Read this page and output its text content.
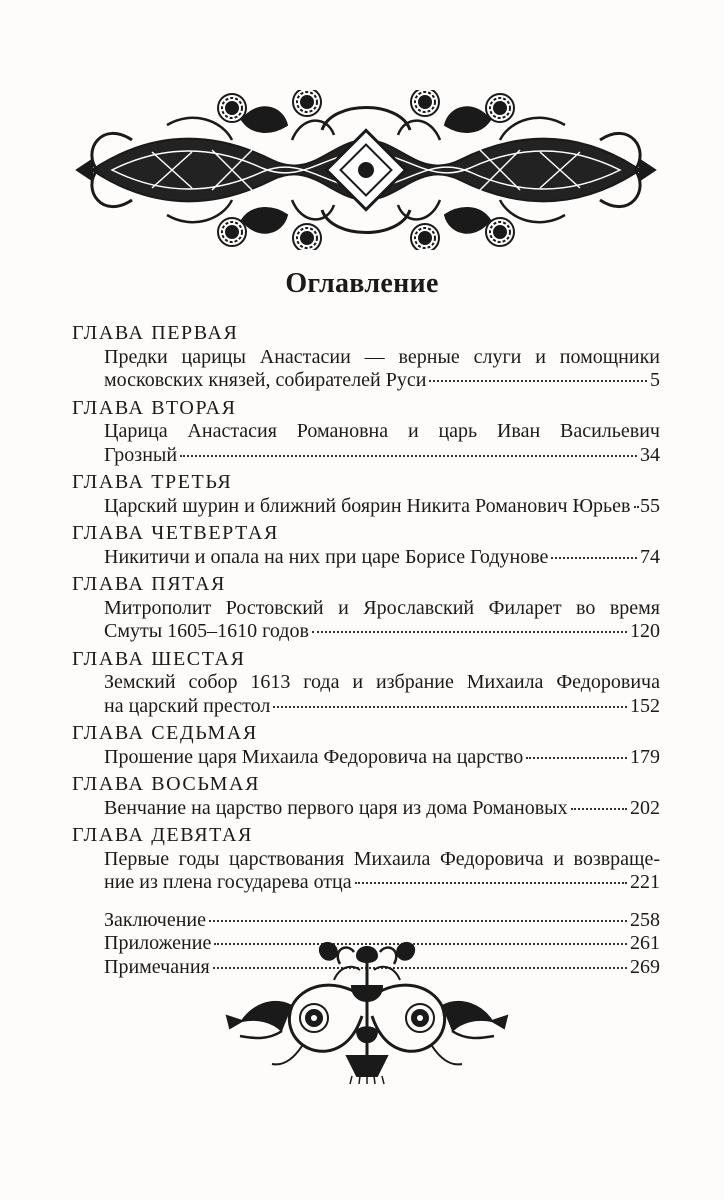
Оглавление

ГЛАВА ПЕРВАЯ

Предки царицы Анастасии — верные слуги и помощники
московских князей, собирателей Руси	5

ГЛАВА ВТОРАЯ

Царица Анастасия Романовна и царь Иван Васильевич
Грозный	34

ГЛАВА ТРЕТЬЯ

Царский шурин и ближний боярин Никита Романович Юрьев 55

ГЛАВА ЧЕТВЕРТАЯ

Никитичи и опала на них при царе Борисе Годунове	74

ГЛАВА ПЯТАЯ

Митрополит Ростовский и Ярославский Филарет во время
Смуты 1605–1610 годов	120

ГЛАВА ШЕСТАЯ

Земский собор 1613 года и избрание Михаила Федоровича
на царский престол	152

ГЛАВА СЕДЬМАЯ

Прошение царя Михаила Федоровича на царство	179

ГЛАВА ВОСЬМАЯ

Венчание на царство первого царя из дома Романовых	202

ГЛАВА ДЕВЯТАЯ

Первые годы царствования Михаила Федоровича и возвраще-
ние из плена государева отца	221
Заключение	258
Приложение	261
Примечания	269
